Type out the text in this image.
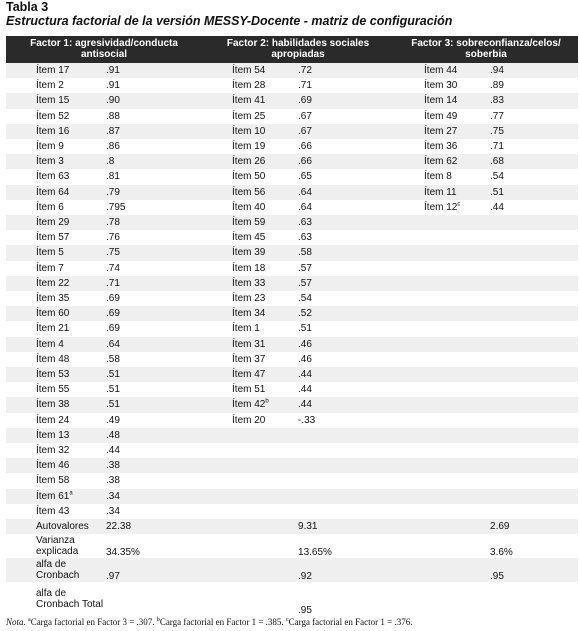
Tabla 3
Estructura factorial de la versión MESSY-Docente - matriz de configuración
Factor 1: agresividad/conducta antisocial		Factor 2: habilidades sociales apropiadas		Factor 3: sobreconfianza/celos/ soberbia	
Ítem 17	.91	Ítem 54	.72	Ítem 44	.94
Ítem 2	.91	Ítem 28	.71	Ítem 30	.89
Ítem 15	.90	Ítem 41	.69	Ítem 14	.83
Ítem 52	.88	Ítem 25	.67	Ítem 49	.77
Ítem 16	.87	Ítem 10	.67	Ítem 27	.75
Ítem 9	.86	Ítem 19	.66	Ítem 36	.71
Ítem 3	.8	Ítem 26	.66	Ítem 62	.68
Ítem 63	.81	Ítem 50	.65	Ítem 8	.54
Ítem 64	.79	Ítem 56	.64	Ítem 11	.51
Ítem 6	.795	Ítem 40	.64	Ítem 12$^c$	.44
Ítem 29	.78	Ítem 59	.63		
Ítem 57	.76	Ítem 45	.63		
Ítem 5	.75	Ítem 39	.58		
Ítem 7	.74	Ítem 18	.57		
Ítem 22	.71	Ítem 33	.57		
Ítem 35	.69	Ítem 23	.54		
Ítem 60	.69	Ítem 34	.52		
Ítem 21	.69	Ítem 1	.51		
Ítem 4	.64	Ítem 31	.46		
Ítem 48	.58	Ítem 37	.46		
Ítem 53	.51	Ítem 47	.44		
Ítem 55	.51	Ítem 51	.44		
Ítem 38	.51	Ítem 42$^b$	.44		
Ítem 24	.49	Ítem 20	-.33		
Ítem 13	.48				
Ítem 32	.44				
Ítem 46	.38				
Ítem 58	.38				
Ítem 61$^a$	.34				
Ítem 43	.34				
Autovalores	22.38		9.31		2.69
Varianza explicada	34.35%		13.65%		3.6%
alfa de Cronbach	.97		.92		.95
alfa de Cronbach Total			.95		
Nota. $^a$Carga factorial en Factor 3 = .307. $^b$Carga factorial en Factor 1 = .385. $^c$Carga factorial en Factor 1 = .376.
